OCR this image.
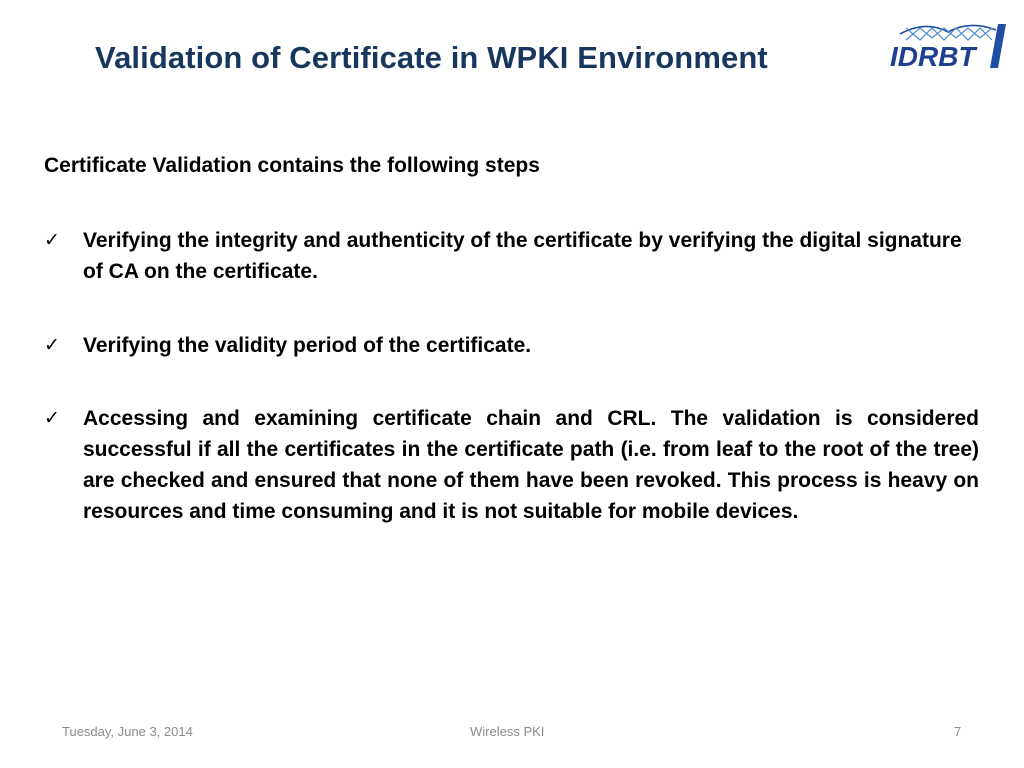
Validation of Certificate in WPKI Environment	IDRBT
Certificate Validation contains the following steps
✓	Verifying the integrity and authenticity of the certificate by verifying the digital signature of CA on the certificate.
✓	Verifying the validity period of the certificate.
✓	Accessing and examining certificate chain and CRL. The validation is considered successful if all the certificates in the certificate path (i.e. from leaf to the root of the tree) are checked and ensured that none of them have been revoked. This process is heavy on resources and time consuming and it is not suitable for mobile devices.
Tuesday, June 3, 2014	Wireless PKI	7
